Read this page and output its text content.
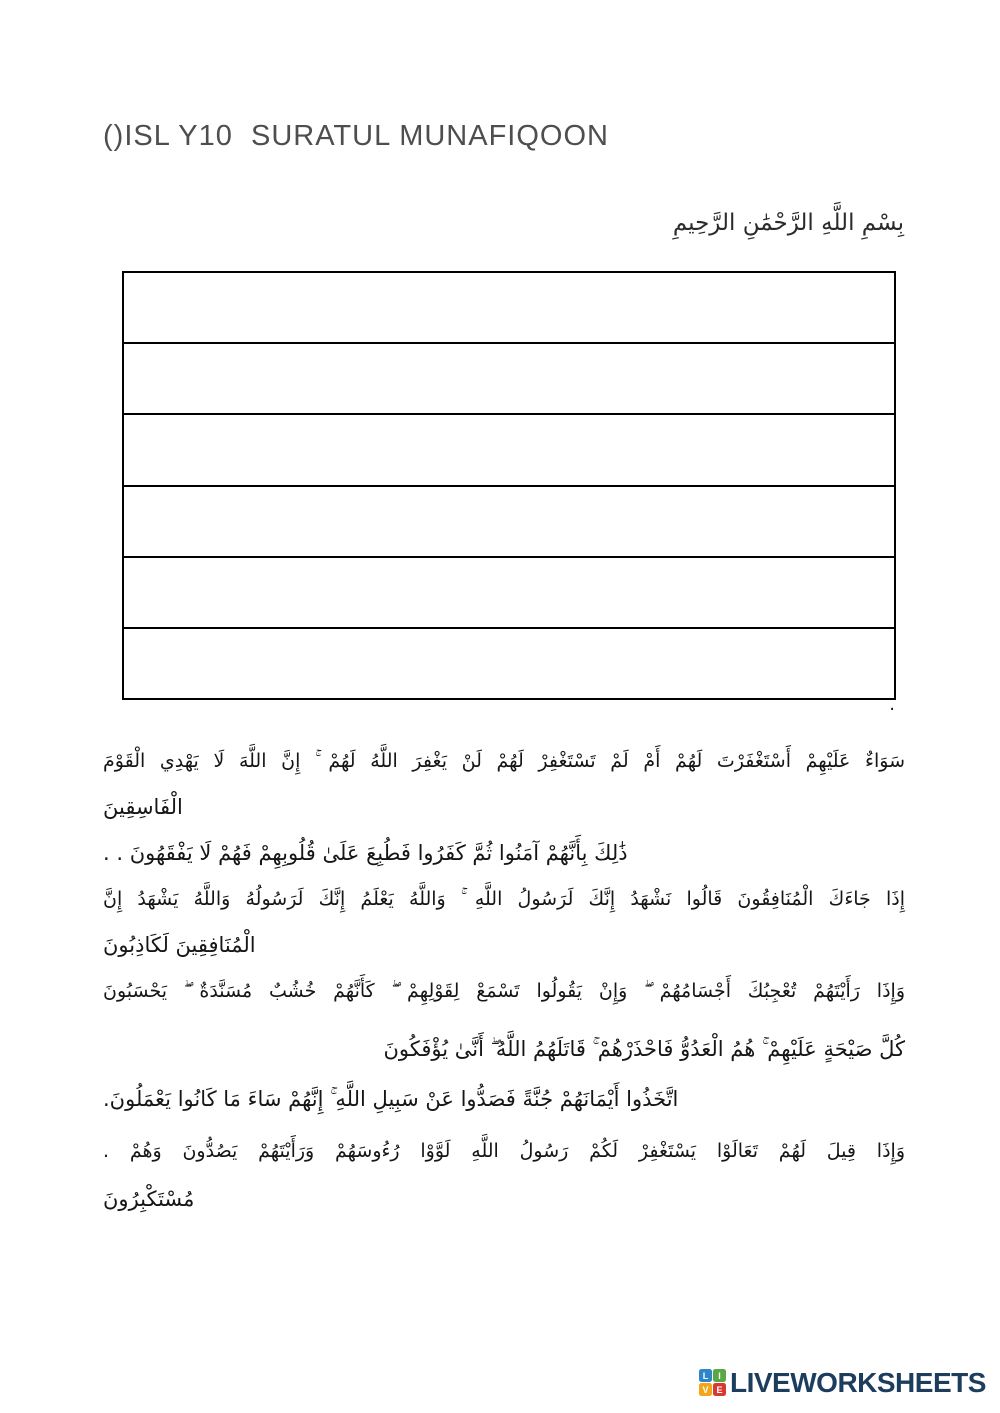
()ISL Y10  SURATUL MUNAFIQOON
بِسْمِ اللَّهِ الرَّحْمَٰنِ الرَّحِيمِ
.
سَوَاءٌ عَلَيْهِمْ أَسْتَغْفَرْتَ لَهُمْ أَمْ لَمْ تَسْتَغْفِرْ لَهُمْ لَنْ يَغْفِرَ اللَّهُ لَهُمْ ۚ إِنَّ اللَّهَ لَا يَهْدِي الْقَوْمَ
الْفَاسِقِينَ
ذَٰلِكَ بِأَنَّهُمْ آمَنُوا ثُمَّ كَفَرُوا فَطُبِعَ عَلَىٰ قُلُوبِهِمْ فَهُمْ لَا يَفْقَهُونَ . .
إِذَا جَاءَكَ الْمُنَافِقُونَ قَالُوا نَشْهَدُ إِنَّكَ لَرَسُولُ اللَّهِ ۚ وَاللَّهُ يَعْلَمُ إِنَّكَ لَرَسُولُهُ وَاللَّهُ يَشْهَدُ إِنَّ
الْمُنَافِقِينَ لَكَاذِبُونَ
وَإِذَا رَأَيْتَهُمْ تُعْجِبُكَ أَجْسَامُهُمْ ۖ وَإِنْ يَقُولُوا تَسْمَعْ لِقَوْلِهِمْ ۖ كَأَنَّهُمْ خُشُبٌ مُسَنَّدَةٌ ۖ يَحْسَبُونَ
كُلَّ صَيْحَةٍ عَلَيْهِمْ ۚ هُمُ الْعَدُوُّ فَاحْذَرْهُمْ ۚ قَاتَلَهُمُ اللَّهُ ۖ أَنَّىٰ يُؤْفَكُونَ
اتَّخَذُوا أَيْمَانَهُمْ جُنَّةً فَصَدُّوا عَنْ سَبِيلِ اللَّهِ ۚ إِنَّهُمْ سَاءَ مَا كَانُوا يَعْمَلُونَ.
وَإِذَا قِيلَ لَهُمْ تَعَالَوْا يَسْتَغْفِرْ لَكُمْ رَسُولُ اللَّهِ لَوَّوْا رُءُوسَهُمْ وَرَأَيْتَهُمْ يَصُدُّونَ وَهُمْ .
مُسْتَكْبِرُونَ
L	I
V E LIVEWORKSHEETS
